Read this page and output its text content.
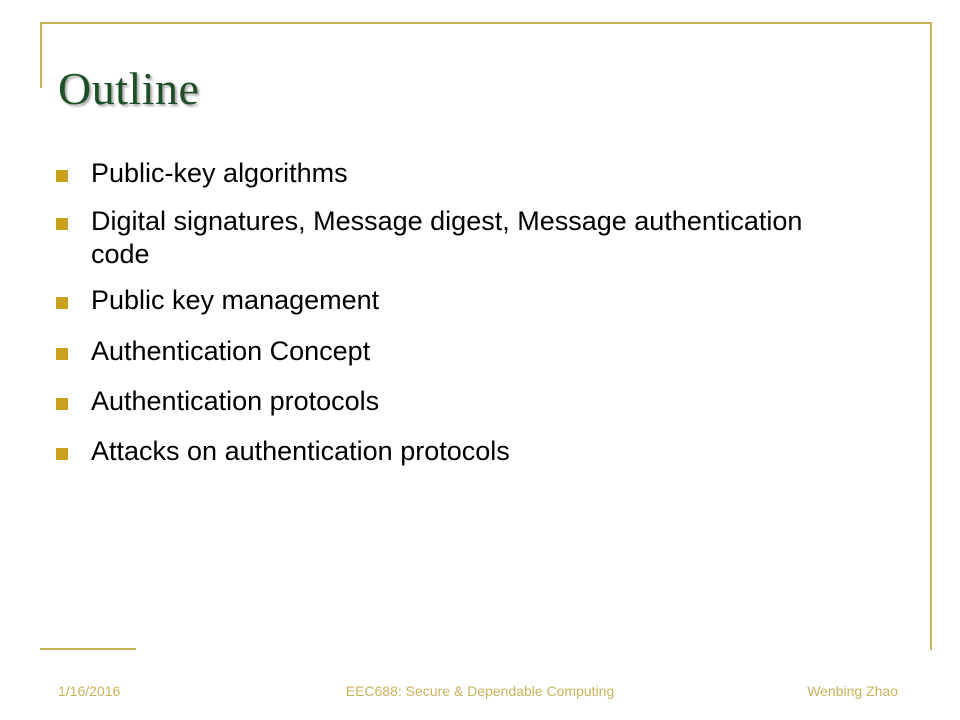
Outline
Public-key algorithms
Digital signatures, Message digest, Message authentication code
Public key management
Authentication Concept
Authentication protocols
Attacks on authentication protocols
1/16/2016	EEC688: Secure & Dependable Computing	Wenbing Zhao
